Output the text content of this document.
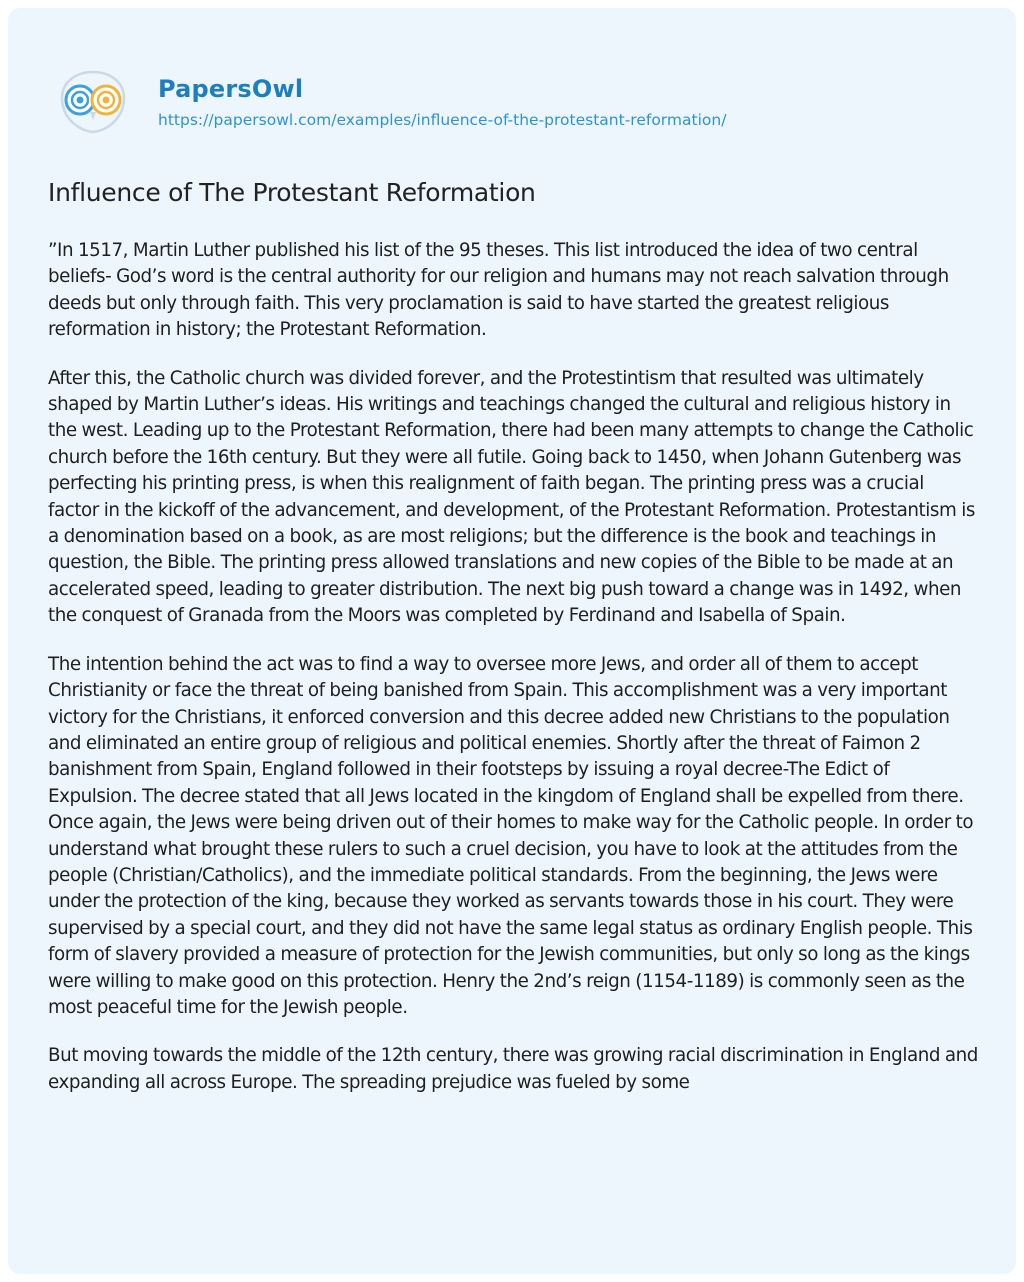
PapersOwl
https://papersowl.com/examples/influence-of-the-protestant-reformation/
Influence of The Protestant Reformation

”In 1517, Martin Luther published his list of the 95 theses. This list introduced the idea of two central beliefs- God’s word is the central authority for our religion and humans may not reach salvation through deeds but only through faith. This very proclamation is said to have started the greatest religious reformation in history; the Protestant Reformation.

After this, the Catholic church was divided forever, and the Protestintism that resulted was ultimately shaped by Martin Luther’s ideas. His writings and teachings changed the cultural and religious history in the west. Leading up to the Protestant Reformation, there had been many attempts to change the Catholic church before the 16th century. But they were all futile. Going back to 1450, when Johann Gutenberg was perfecting his printing press, is when this realignment of faith began. The printing press was a crucial factor in the kickoff of the advancement, and development, of the Protestant Reformation. Protestantism is a denomination based on a book, as are most religions; but the difference is the book and teachings in question, the Bible. The printing press allowed translations and new copies of the Bible to be made at an accelerated speed, leading to greater distribution. The next big push toward a change was in 1492, when the conquest of Granada from the Moors was completed by Ferdinand and Isabella of Spain.

The intention behind the act was to find a way to oversee more Jews, and order all of them to accept Christianity or face the threat of being banished from Spain. This accomplishment was a very important victory for the Christians, it enforced conversion and this decree added new Christians to the population and eliminated an entire group of religious and political enemies. Shortly after the threat of Faimon 2 banishment from Spain, England followed in their footsteps by issuing a royal decree-The Edict of Expulsion. The decree stated that all Jews located in the kingdom of England shall be expelled from there. Once again, the Jews were being driven out of their homes to make way for the Catholic people. In order to understand what brought these rulers to such a cruel decision, you have to look at the attitudes from the people (Christian/Catholics), and the immediate political standards. From the beginning, the Jews were under the protection of the king, because they worked as servants towards those in his court. They were supervised by a special court, and they did not have the same legal status as ordinary English people. This form of slavery provided a measure of protection for the Jewish communities, but only so long as the kings were willing to make good on this protection. Henry the 2nd’s reign (1154-1189) is commonly seen as the most peaceful time for the Jewish people.

But moving towards the middle of the 12th century, there was growing racial discrimination in England and expanding all across Europe. The spreading prejudice was fueled by some
